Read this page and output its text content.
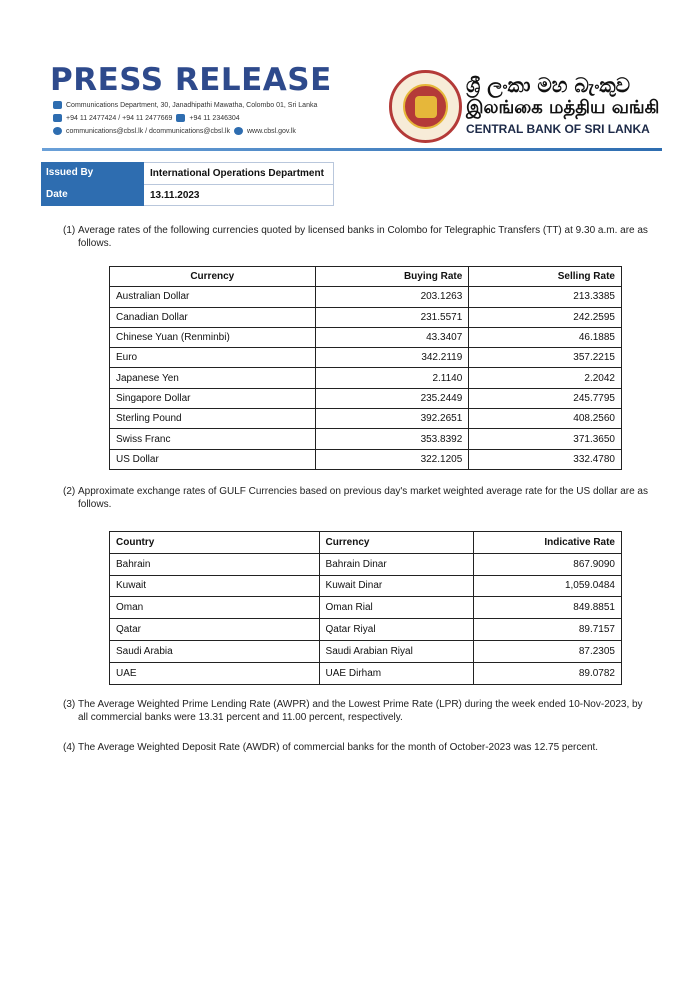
PRESS RELEASE
Communications Department, 30, Janadhipathi Mawatha, Colombo 01, Sri Lanka
+94 11 2477424 / +94 11 2477669 +94 11 2346304
communications@cbsl.lk / dcommunications@cbsl.lk www.cbsl.gov.lk
ශ්‍රී ලංකා මහ බැංකුව
இலங்கை மத்திய வங்கி
CENTRAL BANK OF SRI LANKA
Issued By	International Operations Department
Date	13.11.2023
(1) Average rates of the following currencies quoted by licensed banks in Colombo for Telegraphic Transfers (TT) at 9.30 a.m. are as follows.
Currency	Buying Rate	Selling Rate
Australian Dollar	203.1263	213.3385
Canadian Dollar	231.5571	242.2595
Chinese Yuan (Renminbi)	43.3407	46.1885
Euro	342.2119	357.2215
Japanese Yen	2.1140	2.2042
Singapore Dollar	235.2449	245.7795
Sterling Pound	392.2651	408.2560
Swiss Franc	353.8392	371.3650
US Dollar	322.1205	332.4780
(2) Approximate exchange rates of GULF Currencies based on previous day's market weighted average rate for the US dollar are as follows.
Country	Currency	Indicative Rate
Bahrain	Bahrain Dinar	867.9090
Kuwait	Kuwait Dinar	1,059.0484
Oman	Oman Rial	849.8851
Qatar	Qatar Riyal	89.7157
Saudi Arabia	Saudi Arabian Riyal	87.2305
UAE	UAE Dirham	89.0782
(3) The Average Weighted Prime Lending Rate (AWPR) and the Lowest Prime Rate (LPR) during the week ended 10-Nov-2023, by all commercial banks were 13.31 percent and 11.00 percent, respectively.
(4) The Average Weighted Deposit Rate (AWDR) of commercial banks for the month of October-2023 was 12.75 percent.
